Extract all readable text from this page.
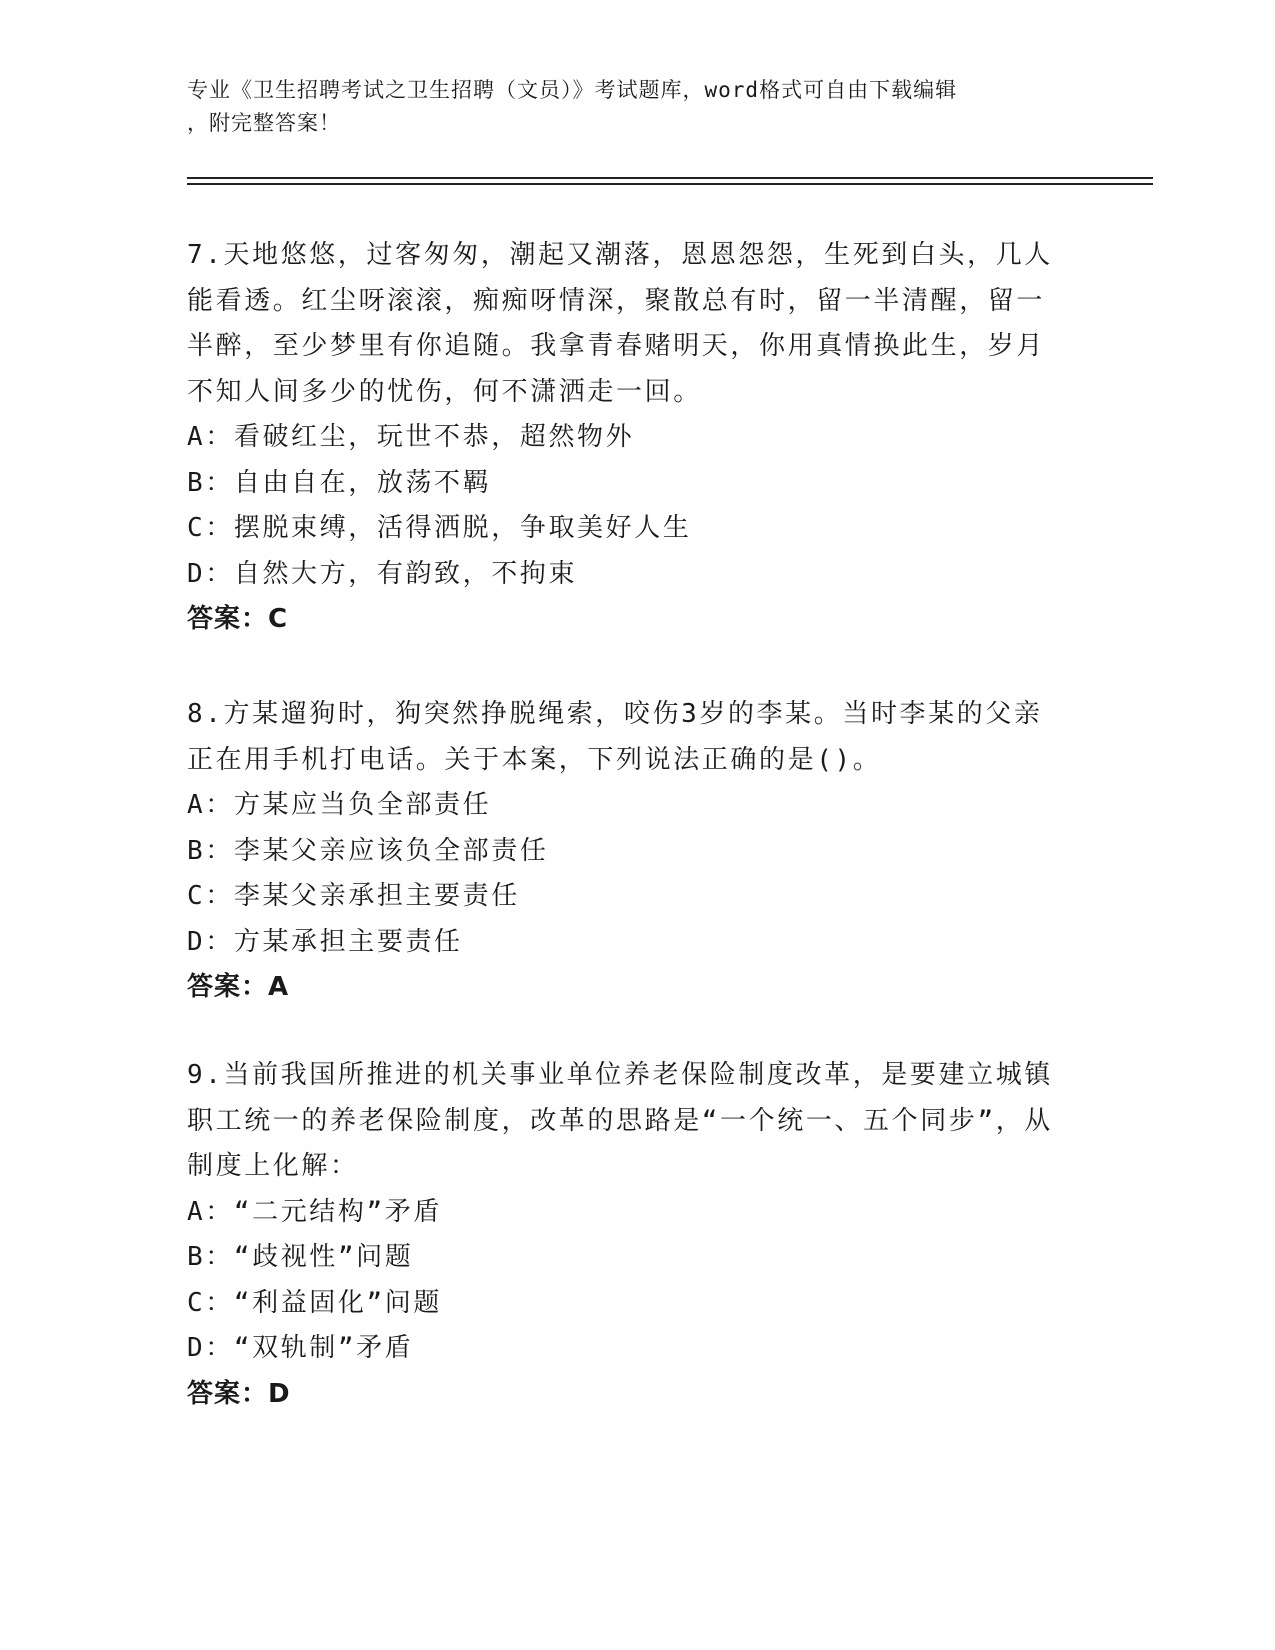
专业《卫生招聘考试之卫生招聘（文员）》考试题库，word格式可自由下载编辑

，附完整答案！

7.天地悠悠，过客匆匆，潮起又潮落，恩恩怨怨，生死到白头，几人能看透。红尘呀滚滚，痴痴呀情深，聚散总有时，留一半清醒，留一半醉，至少梦里有你追随。我拿青春赌明天，你用真情换此生，岁月不知人间多少的忧伤，何不潇洒走一回。

A：看破红尘，玩世不恭，超然物外

B：自由自在，放荡不羁

C：摆脱束缚，活得洒脱，争取美好人生

D：自然大方，有韵致，不拘束

答案：C

8.方某遛狗时，狗突然挣脱绳索，咬伤3岁的李某。当时李某的父亲正在用手机打电话。关于本案，下列说法正确的是()。

A：方某应当负全部责任

B：李某父亲应该负全部责任

C：李某父亲承担主要责任

D：方某承担主要责任

答案：A

9.当前我国所推进的机关事业单位养老保险制度改革，是要建立城镇职工统一的养老保险制度，改革的思路是“一个统一、五个同步”，从制度上化解：

A：“二元结构”矛盾

B：“歧视性”问题

C：“利益固化”问题

D：“双轨制”矛盾

答案：D
